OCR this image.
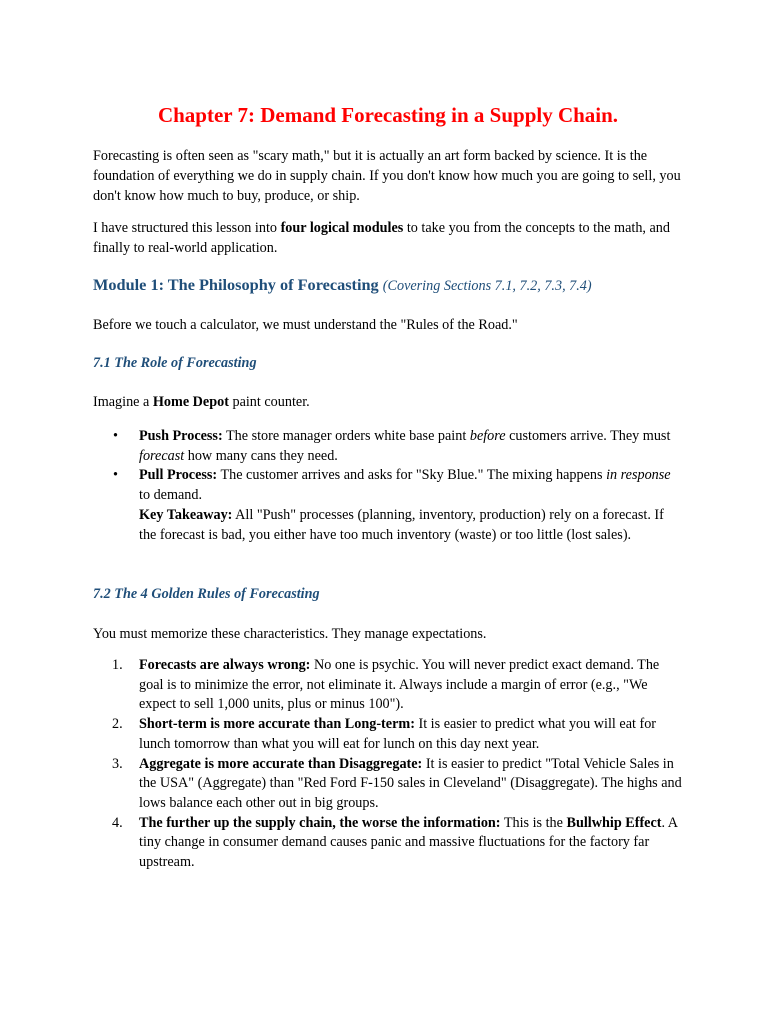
Chapter 7: Demand Forecasting in a Supply Chain.

Forecasting is often seen as "scary math," but it is actually an art form backed by science. It is the foundation of everything we do in supply chain. If you don't know how much you are going to sell, you don't know how much to buy, produce, or ship.

I have structured this lesson into four logical modules to take you from the concepts to the math, and finally to real-world application.

Module 1: The Philosophy of Forecasting (Covering Sections 7.1, 7.2, 7.3, 7.4)

Before we touch a calculator, we must understand the "Rules of the Road."

7.1 The Role of Forecasting

Imagine a Home Depot paint counter.

• Push Process: The store manager orders white base paint before customers arrive. They must forecast how many cans they need.
• Pull Process: The customer arrives and asks for "Sky Blue." The mixing happens in response to demand.
Key Takeaway: All "Push" processes (planning, inventory, production) rely on a forecast. If the forecast is bad, you either have too much inventory (waste) or too little (lost sales).
7.2 The 4 Golden Rules of Forecasting

You must memorize these characteristics. They manage expectations.

1. Forecasts are always wrong: No one is psychic. You will never predict exact demand. The goal is to minimize the error, not eliminate it. Always include a margin of error (e.g., "We expect to sell 1,000 units, plus or minus 100").
2. Short-term is more accurate than Long-term: It is easier to predict what you will eat for lunch tomorrow than what you will eat for lunch on this day next year.
3. Aggregate is more accurate than Disaggregate: It is easier to predict "Total Vehicle Sales in the USA" (Aggregate) than "Red Ford F-150 sales in Cleveland" (Disaggregate). The highs and lows balance each other out in big groups.
4. The further up the supply chain, the worse the information: This is the Bullwhip Effect. A tiny change in consumer demand causes panic and massive fluctuations for the factory far upstream.
